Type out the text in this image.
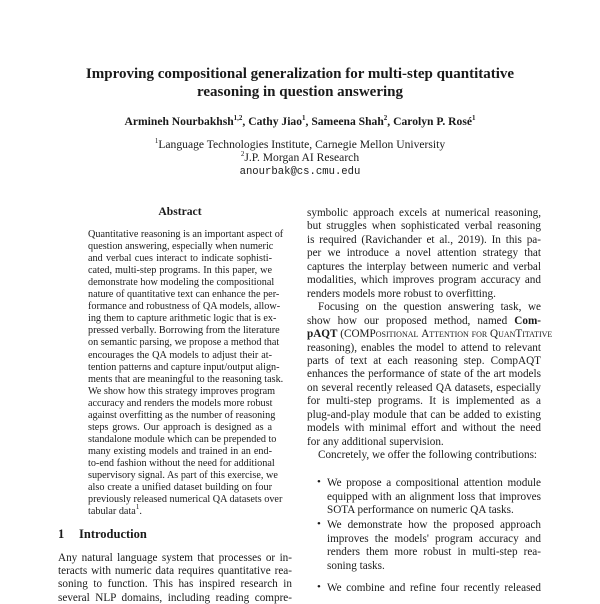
Improving compositional generalization for multi-step quantitative
reasoning in question answering
Armineh Nourbakhsh$^{1,2}$, Cathy Jiao$^1$, Sameena Shah$^2$, Carolyn P. Rosé$^1$
$^1$Language Technologies Institute, Carnegie Mellon University
$^2$J.P. Morgan AI Research
anourbak@cs.cmu.edu
Abstract
Quantitative reasoning is an important aspect of
question answering, especially when numeric
and verbal cues interact to indicate sophisti-
cated, multi-step programs. In this paper, we
demonstrate how modeling the compositional
nature of quantitative text can enhance the per-
formance and robustness of QA models, allow-
ing them to capture arithmetic logic that is ex-
pressed verbally. Borrowing from the literature
on semantic parsing, we propose a method that
encourages the QA models to adjust their at-
tention patterns and capture input/output align-
ments that are meaningful to the reasoning task.
We show how this strategy improves program
accuracy and renders the models more robust
against overfitting as the number of reasoning
steps grows. Our approach is designed as a
standalone module which can be prepended to
many existing models and trained in an end-
to-end fashion without the need for additional
supervisory signal. As part of this exercise, we
also create a unified dataset building on four
previously released numerical QA datasets over
tabular data$^1$.
1 Introduction
Any natural language system that processes or in-
teracts with numeric data requires quantitative rea-
soning to function. This has inspired research in
several NLP domains, including reading compre-
symbolic approach excels at numerical reasoning,
but struggles when sophisticated verbal reasoning
is required (Ravichander et al., 2019). In this pa-
per we introduce a novel attention strategy that
captures the interplay between numeric and verbal
modalities, which improves program accuracy and
renders models more robust to overfitting.
Focusing on the question answering task, we
show how our proposed method, named Com-
pAQT (COMPositional Attention for QuanTitative
reasoning), enables the model to attend to relevant
parts of text at each reasoning step. CompAQT
enhances the performance of state of the art models
on several recently released QA datasets, especially
for multi-step programs. It is implemented as a
plug-and-play module that can be added to existing
models with minimal effort and without the need
for any additional supervision.
Concretely, we offer the following contributions:
• We propose a compositional attention module
equipped with an alignment loss that improves
SOTA performance on numeric QA tasks.
• We demonstrate how the proposed approach
improves the models' program accuracy and
renders them more robust in multi-step rea-
soning tasks.
• We combine and refine four recently released
